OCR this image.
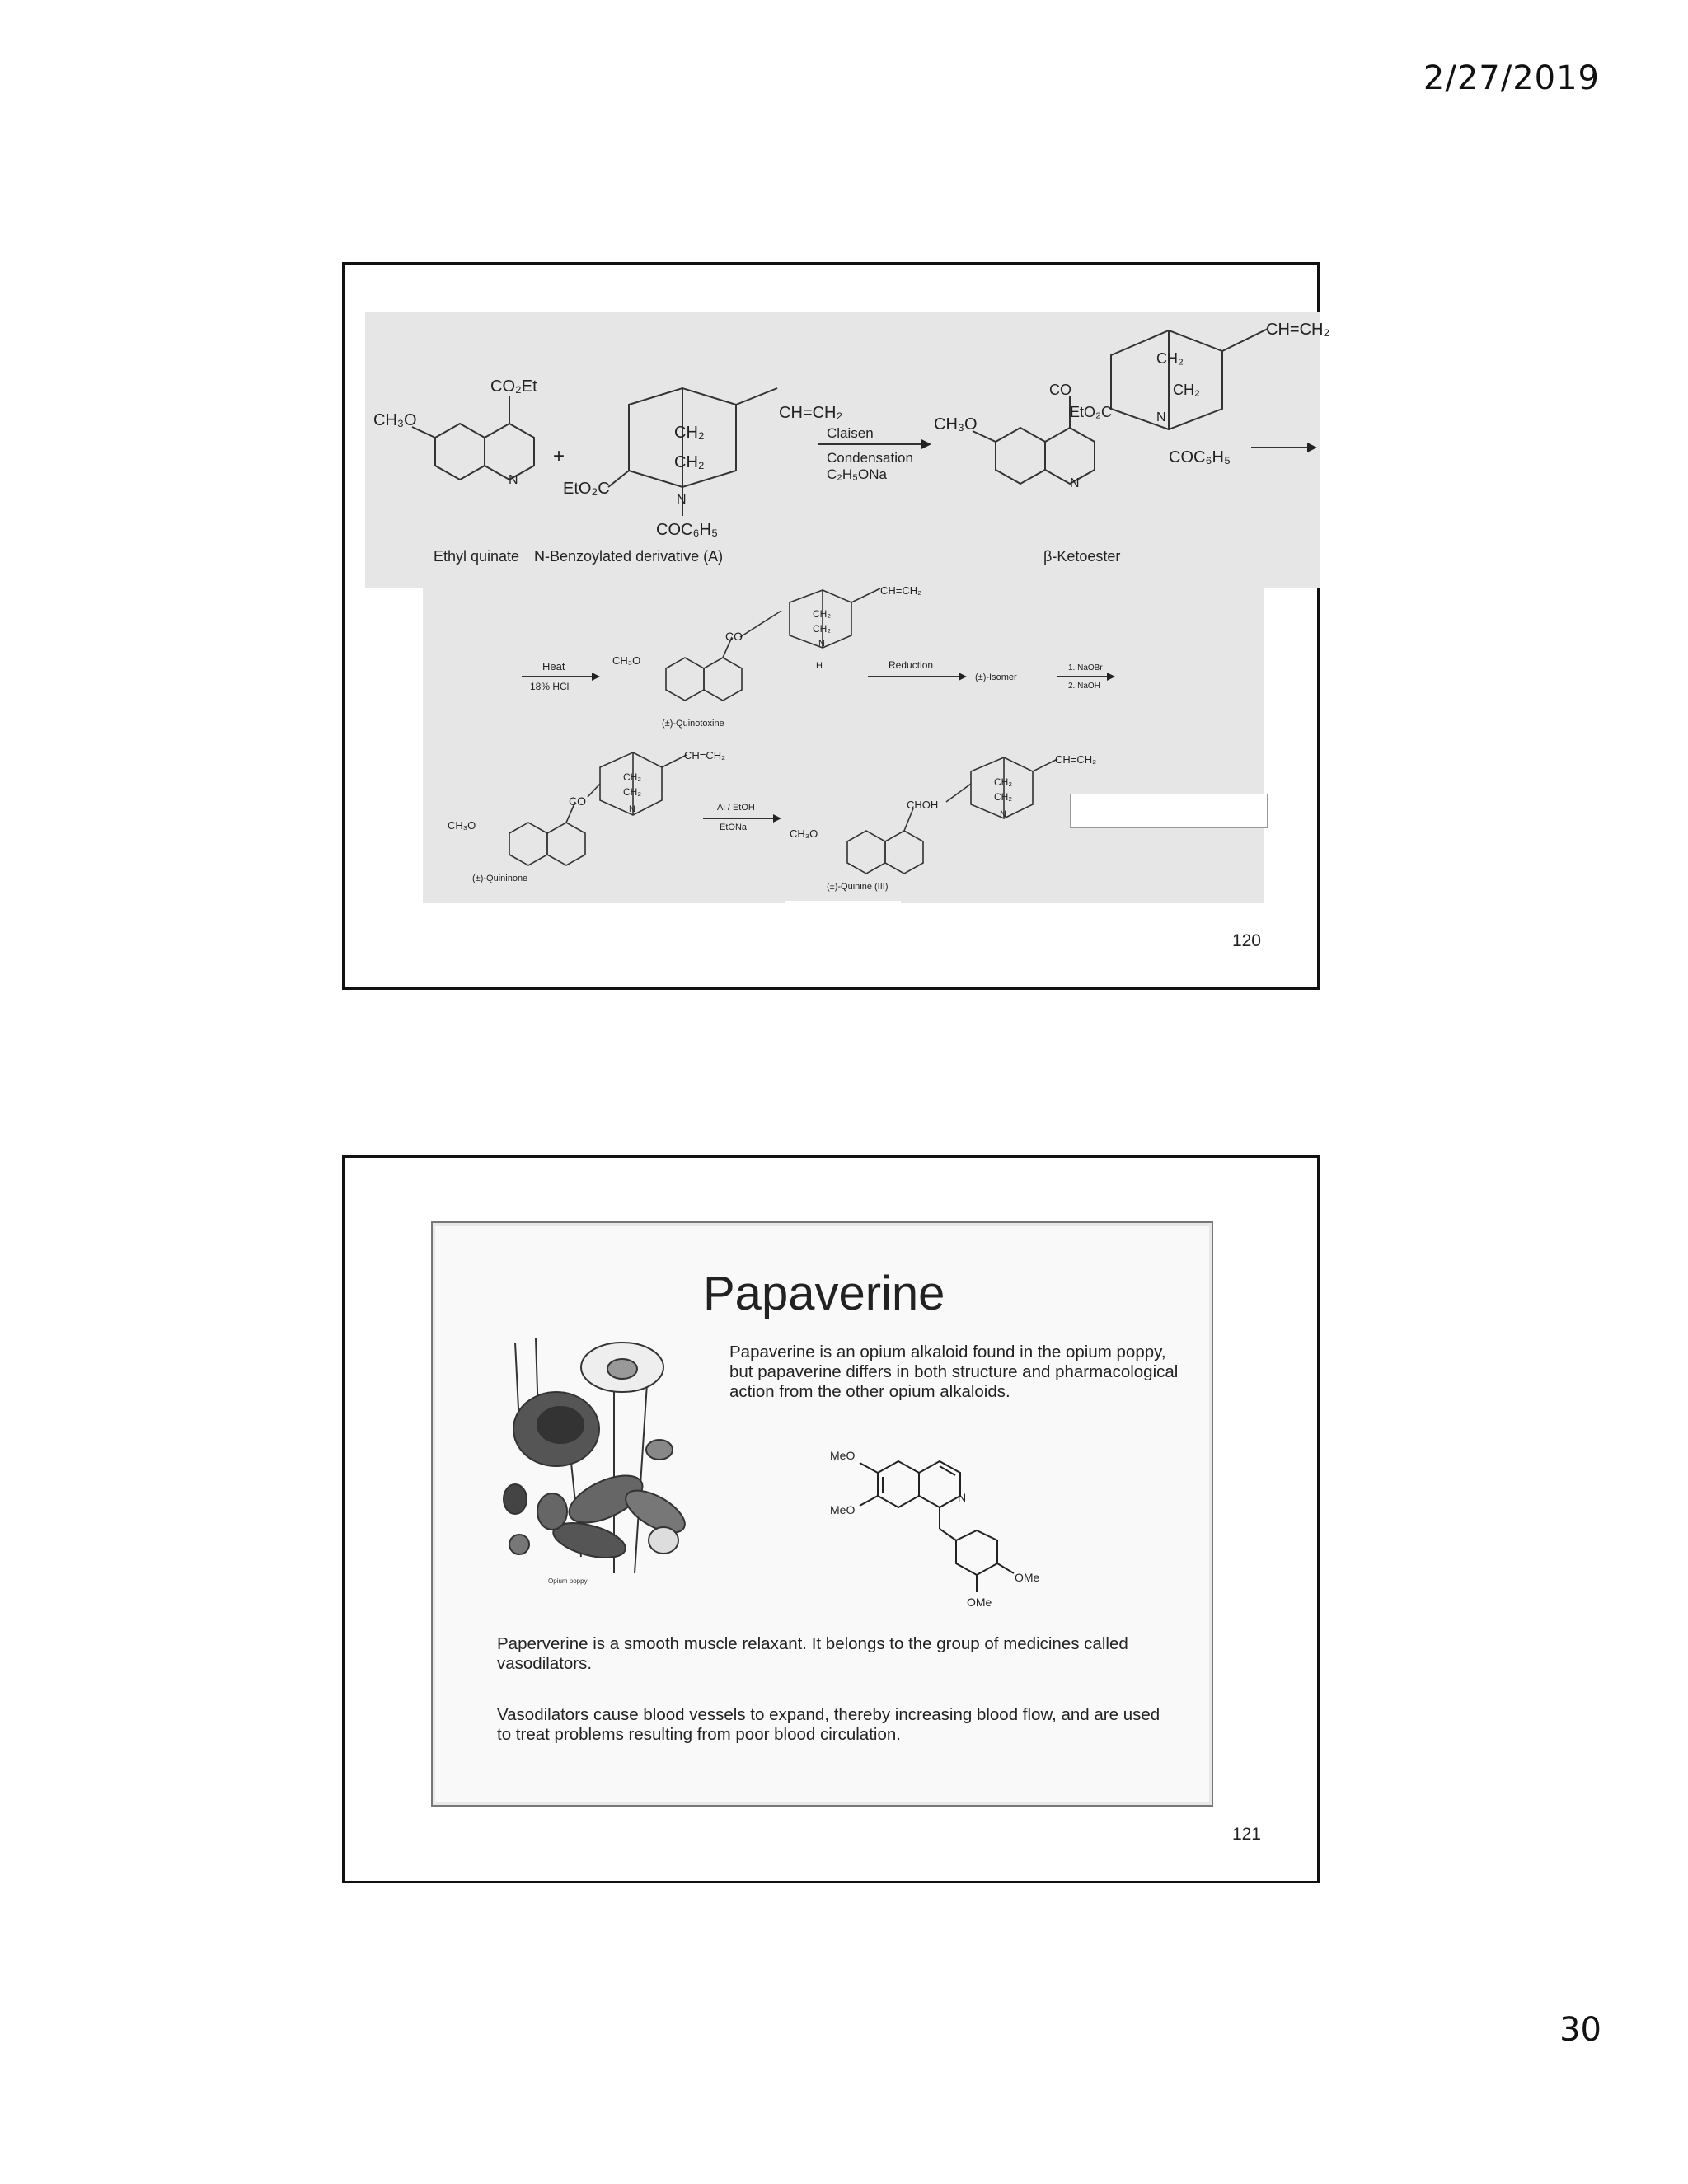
2/27/2019
CO₂Et
CH₃O
N
+
CH=CH₂
CH₂
CH₂
EtO₂C
N
COC₆H₅
Ethyl quinate N-Benzoylated derivative (A)
Claisen
Condensation
C₂H₅ONa
CH₃O
N
CO
EtO₂C
CH₂
CH₂
N
COC₆H₅
CH=CH₂
β-Ketoester
Heat
18% HCl
CH₃O
CO
CH₂
CH₂
N
H
CH=CH₂
(±)-Quinotoxine
Reduction
(±)-Isomer
1. NaOBr
2. NaOH
CH₃O
CO
CH₂
CH₂
N
CH=CH₂
(±)-Quininone
Al / EtOH
EtONa	CH₃O
CHOH
CH₂
CH₂
N
CH=CH₂
(±)-Quinine (III)
120
Papaverine
Opium poppy
Papaverine is an opium alkaloid found in the opium poppy, but papaverine differs in both structure and pharmacological action from the other opium alkaloids.
MeO
MeO
N
OMe
OMe
Paperverine is a smooth muscle relaxant. It belongs to the group of medicines called vasodilators.
Vasodilators cause blood vessels to expand, thereby increasing blood flow, and are used to treat problems resulting from poor blood circulation.
121
30
